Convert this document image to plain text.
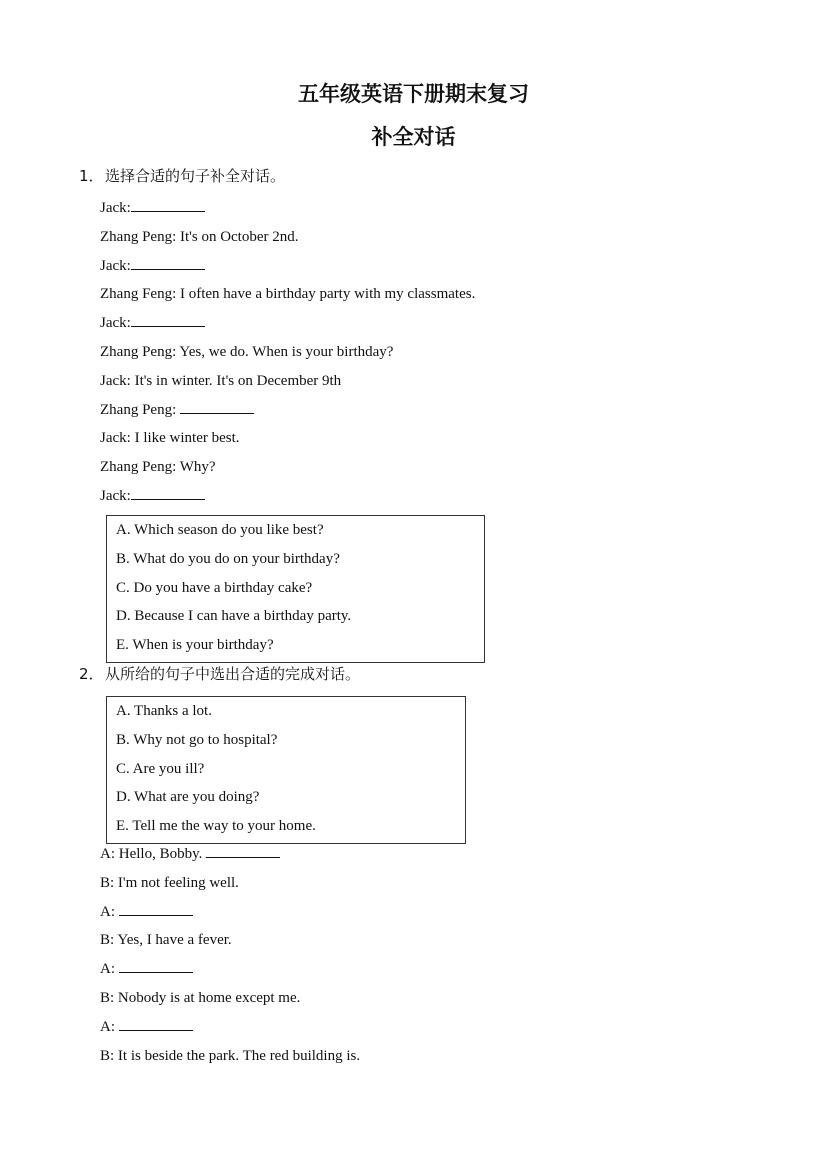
五年级英语下册期末复习
补全对话
1．选择合适的句子补全对话。
Jack:
Zhang Peng: It's on October 2nd.
Jack:
Zhang Feng: I often have a birthday party with my classmates.
Jack:
Zhang Peng: Yes, we do. When is your birthday?
Jack: It's in winter. It's on December 9th
Zhang Peng:
Jack: I like winter best.
Zhang Peng: Why?
Jack:
A. Which season do you like best?
B. What do you do on your birthday?
C. Do you have a birthday cake?
D. Because I can have a birthday party.
E. When is your birthday?
2．从所给的句子中选出合适的完成对话。
A. Thanks a lot.
B. Why not go to hospital?
C. Are you ill?
D. What are you doing?
E. Tell me the way to your home.
A: Hello, Bobby.
B: I'm not feeling well.
A:
B: Yes, I have a fever.
A:
B: Nobody is at home except me.
A:
B: It is beside the park. The red building is.
